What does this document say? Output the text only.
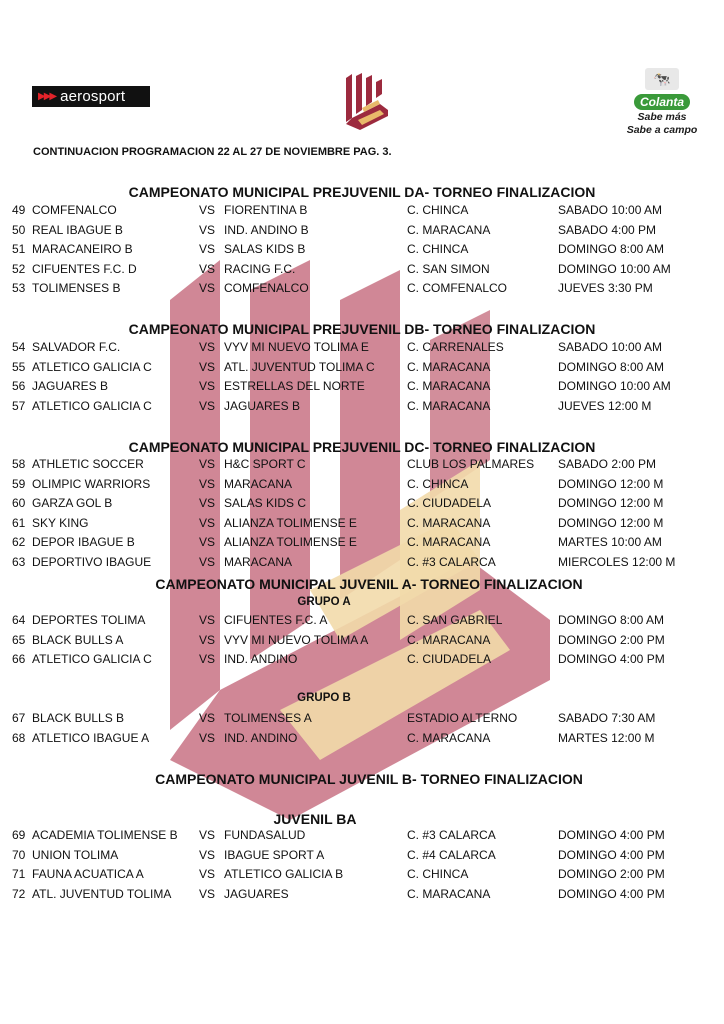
▶▶▶ aerosport
🐄
Colanta
Sabe más
Sabe a campo
CONTINUACION PROGRAMACION 22 AL 27 DE NOVIEMBRE PAG. 3.
CAMPEONATO MUNICIPAL PREJUVENIL DA- TORNEO FINALIZACION
49 COMFENALCO	VS FIORENTINA B	C. CHINCA	SABADO 10:00 AM
50 REAL IBAGUE B	VS IND. ANDINO B	C. MARACANA	SABADO 4:00 PM
51 MARACANEIRO B	VS SALAS KIDS B	C. CHINCA	DOMINGO 8:00 AM
52 CIFUENTES F.C. D	VS RACING F.C.	C. SAN SIMON	DOMINGO 10:00 AM
53 TOLIMENSES B	VS COMFENALCO	C. COMFENALCO	JUEVES 3:30 PM
CAMPEONATO MUNICIPAL PREJUVENIL DB- TORNEO FINALIZACION
54 SALVADOR F.C.	VS VYV MI NUEVO TOLIMA E	C. CARRENALES	SABADO 10:00 AM
55 ATLETICO GALICIA C	VS ATL. JUVENTUD TOLIMA C	C. MARACANA	DOMINGO 8:00 AM
56 JAGUARES B	VS ESTRELLAS DEL NORTE	C. MARACANA	DOMINGO 10:00 AM
57 ATLETICO GALICIA C	VS JAGUARES B	C. MARACANA	JUEVES 12:00 M
CAMPEONATO MUNICIPAL PREJUVENIL DC- TORNEO FINALIZACION
58 ATHLETIC SOCCER	VS H&C SPORT C	CLUB LOS PALMARES SABADO 2:00 PM
59 OLIMPIC WARRIORS	VS MARACANA	C. CHINCA	DOMINGO 12:00 M
60 GARZA GOL B	VS SALAS KIDS C	C. CIUDADELA	DOMINGO 12:00 M
61 SKY KING	VS ALIANZA TOLIMENSE E	C. MARACANA	DOMINGO 12:00 M
62 DEPOR IBAGUE B	VS ALIANZA TOLIMENSE E	C. MARACANA	MARTES 10:00 AM
63 DEPORTIVO IBAGUE	VS MARACANA	C. #3 CALARCA	MIERCOLES 12:00 M
CAMPEONATO MUNICIPAL JUVENIL A- TORNEO FINALIZACION
GRUPO A
64 DEPORTES TOLIMA	VS CIFUENTES F.C. A	C. SAN GABRIEL	DOMINGO 8:00 AM
65 BLACK BULLS A	VS VYV MI NUEVO TOLIMA A	C. MARACANA	DOMINGO 2:00 PM
66 ATLETICO GALICIA C	VS IND. ANDINO	C. CIUDADELA	DOMINGO 4:00 PM
GRUPO B
67 BLACK BULLS B	VS TOLIMENSES A	ESTADIO ALTERNO	SABADO 7:30 AM
68 ATLETICO IBAGUE A	VS IND. ANDINO	C. MARACANA	MARTES 12:00 M
CAMPEONATO MUNICIPAL JUVENIL B- TORNEO FINALIZACION
JUVENIL BA
69 ACADEMIA TOLIMENSE B VS FUNDASALUD	C. #3 CALARCA	DOMINGO 4:00 PM
70 UNION TOLIMA	VS IBAGUE SPORT A	C. #4 CALARCA	DOMINGO 4:00 PM
71 FAUNA ACUATICA A	VS ATLETICO GALICIA B	C. CHINCA	DOMINGO 2:00 PM
72 ATL. JUVENTUD TOLIMA VS JAGUARES	C. MARACANA	DOMINGO 4:00 PM
